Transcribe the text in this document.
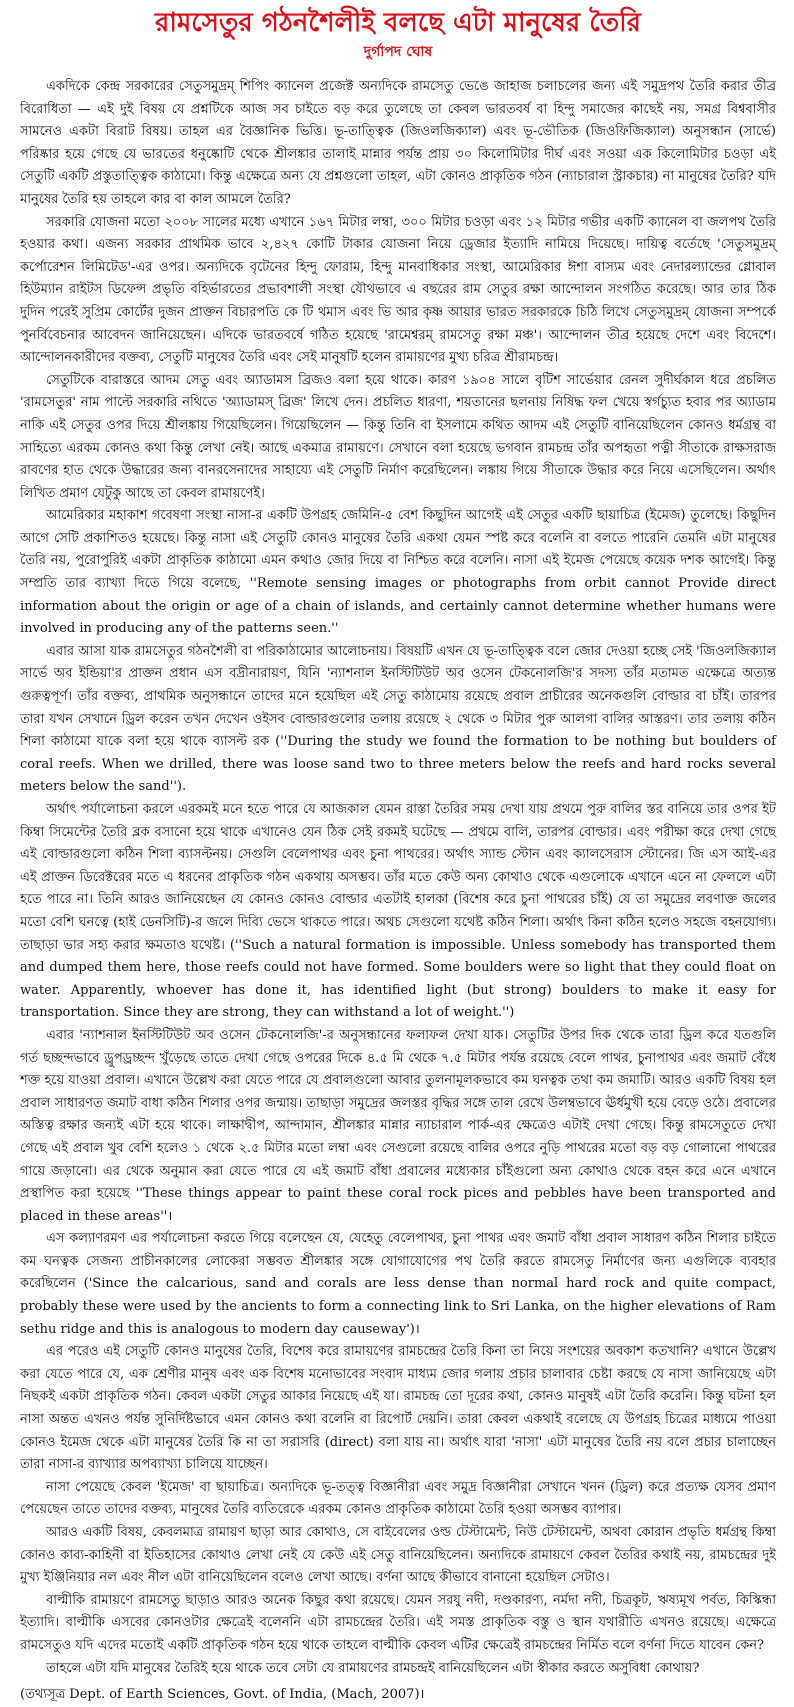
রামসেতুর গঠনশৈলীই বলছে এটা মানুষের তৈরি
দুর্গাপদ ঘোষ

একদিকে কেন্দ্র সরকারের সেতুসমুদ্রম্‌ শিপিং ক্যানেল প্রজেক্ট অন্যদিকে রামসেতু ভেঙে জাহাজ চলাচলের জন্য এই সমুদ্রপথ তৈরি করার তীব্র বিরোধিতা — এই দুই বিষয় যে প্রশ্নটিকে আজ সব চাইতে বড় করে তুলেছে তা কেবল ভারতবর্ষ বা হিন্দু সমাজের কাছেই নয়, সমগ্র বিশ্ববাসীর সামনেও একটা বিরাট বিষয়। তাহল এর বৈজ্ঞানিক ভিত্তি। ভূ-তাত্ত্বিক (জিওলজিক্যাল) এবং ভূ-ভৌতিক (জিওফিজিক্যাল) অনুসন্ধান (সার্ভে) পরিষ্কার হয়ে গেছে যে ভারতের ধনুষ্কোটি থেকে শ্রীলঙ্কার তালাই মান্নার পর্যন্ত প্রায় ৩০ কিলোমিটার দীর্ঘ এবং সওয়া এক কিলোমিটার চওড়া এই সেতুটি একটি প্রস্তুতাত্ত্বিক কাঠামো। কিন্তু এক্ষেত্রে অন্য যে প্রশ্নগুলো তাহল, এটা কোনও প্রাকৃতিক গঠন (ন্যাচারাল স্ট্রাকচার) না মানুষের তৈরি? যদি মানুষের তৈরি হয় তাহলে কার বা কাল আমলে তৈরি?

সরকারি যোজনা মতো ২০০৮ সালের মধ্যে এখানে ১৬৭ মিটার লম্বা, ৩০০ মিটার চওড়া এবং ১২ মিটার গভীর একটি ক্যানেল বা জলপথ তৈরি হওয়ার কথা। এজন্য সরকার প্রাথমিক ভাবে ২,৪২৭ কোটি টাকার যোজনা নিয়ে ড্রেজার ইত্যাদি নামিয়ে দিয়েছে। দায়িত্ব বর্তেছে 'সেতুসমুদ্রম্‌ কর্পোরেশন লিমিটেড'-এর ওপর। অন্যদিকে বৃটেনের হিন্দু ফোরাম, হিন্দু মানবাধিকার সংস্থা, আমেরিকার ঈশা বাস্যম এবং নেদারল্যান্ডের গ্লোবাল হিউম্যান রাইটস ডিফেন্স প্রভৃতি বহির্ভারতের প্রভাবশালী সংস্থা যৌথভাবে এ বছরের রাম সেতুর রক্ষা আন্দোলন সংগঠিত করেছে। আর তার ঠিক দুদিন পরেই সুপ্রিম কোর্টের দুজন প্রাক্তন বিচারপতি কে টি থমাস এবং ভি আর কৃষ্ণ আয়ার ভারত সরকারকে চিঠি লিখে সেতুসমুদ্রম্‌ যোজনা সম্পর্কে পুনর্বিবেচনার আবেদন জানিয়েছেন। এদিকে ভারতবর্ষে গঠিত হয়েছে 'রামেশ্বরম্‌ রামসেতু রক্ষা মঞ্চ'। আন্দোলন তীব্র হয়েছে দেশে এবং বিদেশে। আন্দোলনকারীদের বক্তব্য, সেতুটি মানুষের তৈরি এবং সেই মানুষটি হলেন রামায়ণের মুখ্য চরিত্র শ্রীরামচন্দ্র।

সেতুটিকে বারাস্তরে আদম সেতু এবং অ্যাডামস ব্রিজও বলা হয়ে থাকে। কারণ ১৯০৪ সালে বৃটিশ সার্ভেয়ার রেনল সুদীর্ঘকাল ধরে প্রচলিত 'রামসেতুর' নাম পাল্টে সরকারি নথিতে 'অ্যাডামস্‌ ব্রিজ' লিখে দেন। প্রচলিত ধারণা, শয়তানের ছলনায় নিষিদ্ধ ফল খেয়ে স্বর্গচ্যুত হবার পর অ্যাডাম নাকি এই সেতুর ওপর দিয়ে শ্রীলঙ্কায় গিয়েছিলেন। গিয়েছিলেন — কিন্তু তিনি বা ইসলামে কথিত আদম এই সেতুটি বানিয়েছিলেন কোনও ধর্মগ্রন্থ বা সাহিত্যে এরকম কোনও কথা কিন্তু লেখা নেই। আছে একমাত্র রামায়ণে। সেখানে বলা হয়েছে ভগবান রামচন্দ্র তাঁর অপহৃতা পত্নী সীতাকে রাক্ষসরাজ রাবণের হাত থেকে উদ্ধারের জন্য বানরসেনাদের সাহায্যে এই সেতুটি নির্মাণ করেছিলেন। লঙ্কায় গিয়ে সীতাকে উদ্ধার করে নিয়ে এসেছিলেন। অর্থাৎ লিখিত প্রমাণ যেটুকু আছে তা কেবল রামায়ণেই।

আমেরিকার মহাকাশ গবেষণা সংস্থা নাসা-র একটি উপগ্রহ জেমিনি-৫ বেশ কিছুদিন আগেই এই সেতুর একটি ছায়াচিত্র (ইমেজ) তুলেছে। কিছুদিন আগে সেটি প্রকাশিতও হয়েছে। কিন্তু নাসা এই সেতুটি কোনও মানুষের তৈরি একথা যেমন স্পষ্ট করে বলেনি বা বলতে পারেনি তেমনি এটা মানুষের তৈরি নয়, পুরোপুরিই একটা প্রাকৃতিক কাঠামো এমন কথাও জোর দিয়ে বা নিশ্চিত করে বলেনি। নাসা এই ইমেজ পেয়েছে কয়েক দশক আগেই। কিন্তু সম্প্রতি তার ব্যাখ্যা দিতে গিয়ে বলেছে, ''Remote sensing images or photographs from orbit cannot Provide direct information about the origin or age of a chain of islands, and certainly cannot determine whether humans were involved in producing any of the patterns seen.''

এবার আসা যাক রামসেতুর গঠনশৈলী বা পরিকাঠামোর আলোচনায়। বিষয়টি এখন যে ভূ-তাত্ত্বিক বলে জোর দেওয়া হচ্ছে সেই 'জিওলজিক্যাল সার্ভে অব ইন্ডিয়া'র প্রাক্তন প্রধান এস বদ্রীনারায়ণ, যিনি 'ন্যাশনাল ইনস্টিটিউট অব ওসেন টেকনোলজি'র সদস্য তাঁর মতামত এক্ষেত্রে অত্যন্ত গুরুত্বপূর্ণ। তাঁর বক্তব্য, প্রাথমিক অনুসন্ধানে তাদের মনে হয়েছিল এই সেতু কাঠামোয় রয়েছে প্রবাল প্রাচীরের অনেকগুলি বোল্ডার বা চাঁই। তারপর তারা যখন সেখানে ড্রিল করেন তখন দেখেন ওইসব বোল্ডারগুলোর তলায় রয়েছে ২ থেকে ৩ মিটার পুরু আলগা বালির আস্তরণ। তার তলায় কঠিন শিলা কাঠামো যাকে বলা হয়ে থাকে ব্যাসল্ট রক (''During the study we found the formation to be nothing but boulders of coral reefs. When we drilled, there was loose sand two to three meters below the reefs and hard rocks several meters below the sand'').

অর্থাৎ পর্যালোচনা করলে এরকমই মনে হতে পারে যে আজকাল যেমন রাস্তা তৈরির সময় দেখা যায় প্রথমে পুরু বালির স্তর বানিয়ে তার ওপর ইট কিম্বা সিমেন্টের তৈরি ব্লক বসানো হয়ে থাকে এখানেও যেন ঠিক সেই রকমই ঘটেছে — প্রথমে বালি, তারপর বোল্ডার। এবং পরীক্ষা করে দেখা গেছে এই বোল্ডারগুলো কঠিন শিলা ব্যাসল্টনয়। সেগুলি বেলেপাথর এবং চুনা পাথরের। অর্থাৎ স্যান্ড স্টোন এবং ক্যালসেরাস স্টোনের। জি এস আই-এর এই প্রাক্তন ডিরেক্টরের মতে এ ধরনের প্রাকৃতিক গঠন একথায় অসম্ভব। তাঁর মতে কেউ অন্য কোথাও থেকে এগুলোকে এখানে এনে না ফেললে এটা হতে পারে না। তিনি আরও জানিয়েছেন যে কোনও কোনও বোল্ডার এতটাই হালকা (বিশেষ করে চুনা পাথরের চাঁই) যে তা সমুদ্রের লবণাক্ত জলের মতো বেশি ঘনত্বে (হাই ডেনসিটি)-র জলে দিব্যি ভেসে থাকতে পারে। অথচ সেগুলো যথেষ্ট কঠিন শিলা। অর্থাৎ কিনা কঠিন হলেও সহজে বহনযোগ্য। তাছাড়া ভার সহ্য করার ক্ষমতাও যথেষ্ট। (''Such a natural formation is impossible. Unless somebody has transported them and dumped them here, those reefs could not have formed. Some boulders were so light that they could float on water. Apparently, whoever has done it, has identified light (but strong) boulders to make it easy for transportation. Since they are strong, they can withstand a lot of weight.'')

এবার 'ন্যাশনাল ইনস্টিটিউট অব ওসেন টেকনোলজি'-র অনুসন্ধানের ফলাফল দেখা যাক। সেতুটির উপর দিক থেকে তারা ড্রিল করে যতগুলি গর্ত ছচ্ছন্দভাবে ড্রুপড্রচ্ছন্দ খুঁড়েছে তাতে দেখা গেছে ওপরের দিকে ৪.৫ মি থেকে ৭.৫ মিটার পর্যন্ত রয়েছে বেলে পাথর, চুনাপাথর এবং জমাট বেঁধে শক্ত হয়ে যাওয়া প্রবাল। এখানে উল্লেখ করা যেতে পারে যে প্রবালগুলো আবার তুলনামূলকভাবে কম ঘনত্বক তথা কম জমাটি। আরও একটি বিষয় হল প্রবাল সাধারণত জমাট বাধা কঠিন শিলার ওপর জন্মায়। তাছাড়া সমুদ্রের জলস্তর বৃদ্ধির সঙ্গে তাল রেখে উলম্বভাবে ঊর্ধমুখী হয়ে বেড়ে ওঠে। প্রবালের অস্তিত্ব রক্ষার জন্যই এটা হয়ে থাকে। লাক্ষাদ্বীপ, আন্দামান, শ্রীলঙ্কার মান্নার ন্যাচারাল পার্ক-এর ক্ষেত্রেও এটাই দেখা গেছে। কিন্তু রামসেতুতে দেখা গেছে এই প্রবাল খুব বেশি হলেও ১ থেকে ২.৫ মিটার মতো লম্বা এবং সেগুলো রয়েছে বালির ওপরে নুড়ি পাথরের মতো বড় বড় গোলানো পাথরের গায়ে জড়ানো। এর থেকে অনুমান করা যেতে পারে যে এই জমাট বাঁধা প্রবালের মধ্যেকার চাঁইগুলো অন্য কোথাও থেকে বহন করে এনে এখানে প্রস্থাপিত করা হয়েছে ''These things appear to paint these coral rock pices and pebbles have been transported and placed in these areas''।

এস কল্যাণরমণ এর পর্যালোচনা করতে গিয়ে বলেছেন যে, যেহেতু বেলেপাথর, চুনা পাথর এবং জমাট বাঁধা প্রবাল সাধারণ কঠিন শিলার চাইতে কম ঘনত্বক সেজন্য প্রাচীনকালের লোকেরা সম্ভবত শ্রীলঙ্কার সঙ্গে যোগাযোগের পথ তৈরি করতে রামসেতু নির্মাণের জন্য এগুলিকে ব্যবহার করেছিলেন ('Since the calcarious, sand and corals are less dense than normal hard rock and quite compact, probably these were used by the ancients to form a connecting link to Sri Lanka, on the higher elevations of Ram sethu ridge and this is analogous to modern day causeway')।

এর পরেও এই সেতুটি কোনও মানুষের তৈরি, বিশেষ করে রামায়ণের রামচন্দ্রের তৈরি কিনা তা নিয়ে সংশয়ের অবকাশ কতখানি? এখানে উল্লেখ করা যেতে পারে যে, এক শ্রেণীর মানুষ এবং এক বিশেষ মনোভাবের সংবাদ মাধ্যম জোর গলায় প্রচার চালাবার চেষ্টা করছে যে নাসা জানিয়েছে এটা নিছকই একটা প্রাকৃতিক গঠন। কেবল একটা সেতুর আকার নিয়েছে এই যা। রামচন্দ্র তো দূরের কথা, কোনও মানুষই এটা তৈরি করেনি। কিন্তু ঘটনা হল নাসা অন্তত এখনও পর্যন্ত সুনির্দিষ্টভাবে এমন কোনও কথা বলেনি বা রিপোর্ট দেয়নি। তারা কেবল একথাই বলেছে যে উপগ্রহ চিত্রের মাধ্যমে পাওয়া কোনও ইমেজ থেকে এটা মানুষের তৈরি কি না তা সরাসরি (direct) বলা যায় না। অর্থাৎ যারা 'নাসা' এটা মানুষের তৈরি নয় বলে প্রচার চালাচ্ছেন তারা নাসা-র ব্যাখ্যার অপব্যাখ্যা চালিয়ে যাচ্ছেন।

নাসা পেয়েছে কেবল 'ইমেজ' বা ছায়াচিত্র। অন্যদিকে ভূ-তত্ত্ব বিজ্ঞানীরা এবং সমুদ্র বিজ্ঞানীরা সেখানে খনন (ড্রিল) করে প্রত্যক্ষ যেসব প্রমাণ পেয়েছেন তাতে তাদের বক্তব্য, মানুষের তৈরি ব্যতিরেকে এরকম কোনও প্রাকৃতিক কাঠামো তৈরি হওয়া অসম্ভব ব্যাপার।

আরও একটি বিষয়, কেবলমাত্র রামায়ণ ছাড়া আর কোথাও, সে বাইবেলের ওল্ড টেস্টামেন্ট, নিউ টেস্টামেন্ট, অথবা কোরান প্রভৃতি ধর্মগ্রন্থ কিম্বা কোনও কাব্য-কাহিনী বা ইতিহাসের কোথাও লেখা নেই যে কেউ এই সেতু বানিয়েছিলেন। অন্যদিকে রামায়ণে কেবল তৈরির কথাই নয়, রামচন্দ্রের দুই মুখ্য ইঞ্জিনিয়ার নল এবং নীল এটা বানিয়েছিলেন বলেও লেখা আছে। বর্ণনা আছে কীভাবে বানানো হয়েছিল সেটাও।

বাল্মীকি রামায়ণে রামসেতু ছাড়াও আরও অনেক কিছুর কথা রয়েছে। যেমন সরযু নদী, দণ্ডকারণ্য, নর্মদা নদী, চিত্রকূট, ঋষ্যমূখ পর্বত, কিস্কিন্ধা ইত্যাদি। বাল্মীকি এসবের কোনওটার ক্ষেত্রেই বলেননি এটা রামচন্দ্রের তৈরি। এই সমস্ত প্রাকৃতিক বস্তু ও স্থান যথারীতি এখনও রয়েছে। এক্ষেত্রে রামসেতুও যদি এদের মতোই একটি প্রাকৃতিক গঠন হয়ে থাকে তাহলে বাল্মীকি কেবল এটির ক্ষেত্রেই রামচন্দ্রের নির্মিত বলে বর্ণনা দিতে যাবেন কেন?

তাহলে এটা যদি মানুষের তৈরিই হয়ে থাকে তবে সেটা যে রামায়ণের রামচন্দ্রই বানিয়েছিলেন এটা স্বীকার করতে অসুবিধা কোথায়?

(তথ্যসূত্র Dept. of Earth Sciences, Govt. of India, (Mach, 2007)।
